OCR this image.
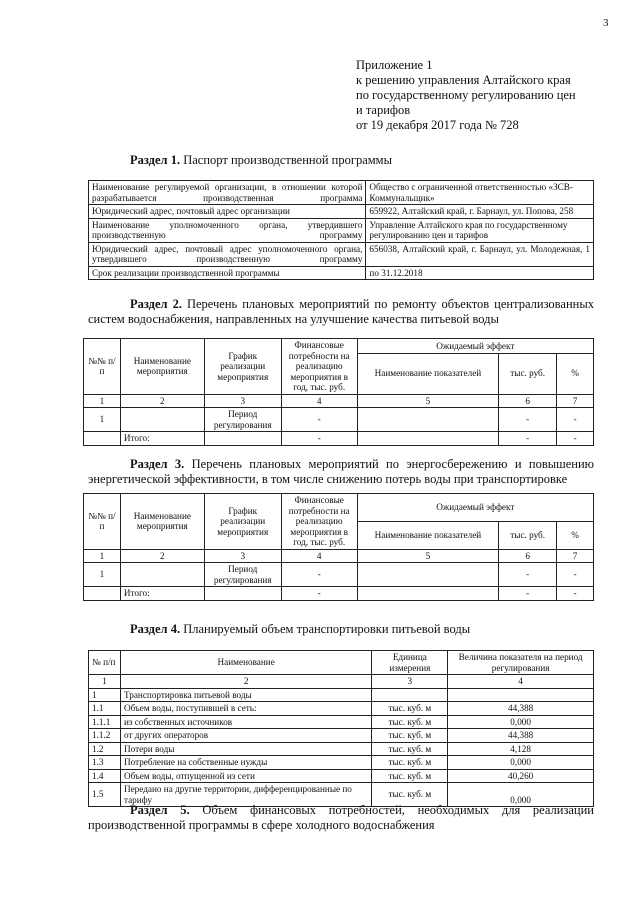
3
Приложение 1
к решению управления Алтайского края
по государственному регулированию цен
и тарифов
от 19 декабря 2017 года № 728
Раздел 1. Паспорт производственной программы
Наименование регулируемой организации, в отношении которой разрабатывается производственная программа	Общество с ограниченной ответственностью «ЗСВ-Коммунальщик»
Юридический адрес, почтовый адрес организации	659922, Алтайский край, г. Барнаул, ул. Попова, 258
Наименование уполномоченного органа, утвердившего производственную программу	Управление Алтайского края по государственному регулированию цен и тарифов
Юридический адрес, почтовый адрес уполномоченного органа, утвердившего производственную программу	656038, Алтайский край, г. Барнаул, ул. Молодежная, 1
Срок реализации производственной программы	по 31.12.2018
Раздел 2. Перечень плановых мероприятий по ремонту объектов централизованных систем водоснабжения, направленных на улучшение качества питьевой воды
№№ п/п	Наименование мероприятия	График реализации мероприятия	Финансовые потребности на реализацию мероприятия в год, тыс. руб.	Ожидаемый эффект		
				Наименование показателей	тыс. руб.	%
1	2	3	4	5	6	7
1		Период регулирования	-		-	-
	Итого:		-		-	-
Раздел 3. Перечень плановых мероприятий по энергосбережению и повышению энергетической эффективности, в том числе снижению потерь воды при транспортировке
№№ п/п	Наименование мероприятия	График реализации мероприятия	Финансовые потребности на реализацию мероприятия в год, тыс. руб.	Ожидаемый эффект		
				Наименование показателей	тыс. руб.	%
1	2	3	4	5	6	7
1		Период регулирования	-		-	-
	Итого:		-		-	-
Раздел 4. Планируемый объем транспортировки питьевой воды
№ п/п	Наименование	Единица измерения	Величина показателя на период регулирования
1	2	3	4
1	Транспортировка питьевой воды		
1.1	Объем воды, поступившей в сеть:	тыс. куб. м	44,388
1.1.1	из собственных источников	тыс. куб. м	0,000
1.1.2	от других операторов	тыс. куб. м	44,388
1.2	Потери воды	тыс. куб. м	4,128
1.3	Потребление на собственные нужды	тыс. куб. м	0,000
1.4	Объем воды, отпущенной из сети	тыс. куб. м	40,260
1.5	Передано на другие территории, дифференцированные по тарифу	тыс. куб. м	0,000
Раздел 5. Объем финансовых потребностей, необходимых для реализации производственной программы в сфере холодного водоснабжения
